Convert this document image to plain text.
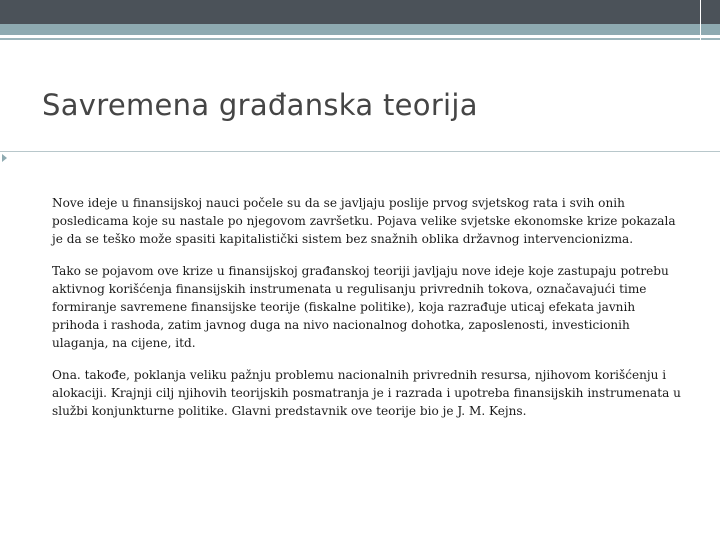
Savremena građanska teorija

Nove ideje u finansijskoj nauci počele su da se javljaju poslije prvog svjetskog rata i svih onih posledicama koje su nastale po njegovom završetku. Pojava velike svjetske ekonomske krize pokazala je da se teško može spasiti kapitalistički sistem bez snažnih oblika državnog intervencionizma.

Tako se pojavom ove krize u finansijskoj građanskoj teoriji javljaju nove ideje koje zastupaju potrebu aktivnog korišćenja finansijskih instrumenata u regulisanju privrednih tokova, označavajući time formiranje savremene finansijske teorije (fiskalne politike), koja razrađuje uticaj efekata javnih prihoda i rashoda, zatim javnog duga na nivo nacionalnog dohotka, zaposlenosti, investicionih ulaganja, na cijene, itd.

Ona. takođe, poklanja veliku pažnju problemu nacionalnih privrednih resursa, njihovom korišćenju i alokaciji. Krajnji cilj njihovih teorijskih posmatranja je i razrada i upotreba finansijskih instrumenata u službi konjunkturne politike. Glavni predstavnik ove teorije bio je J. M. Kejns.
